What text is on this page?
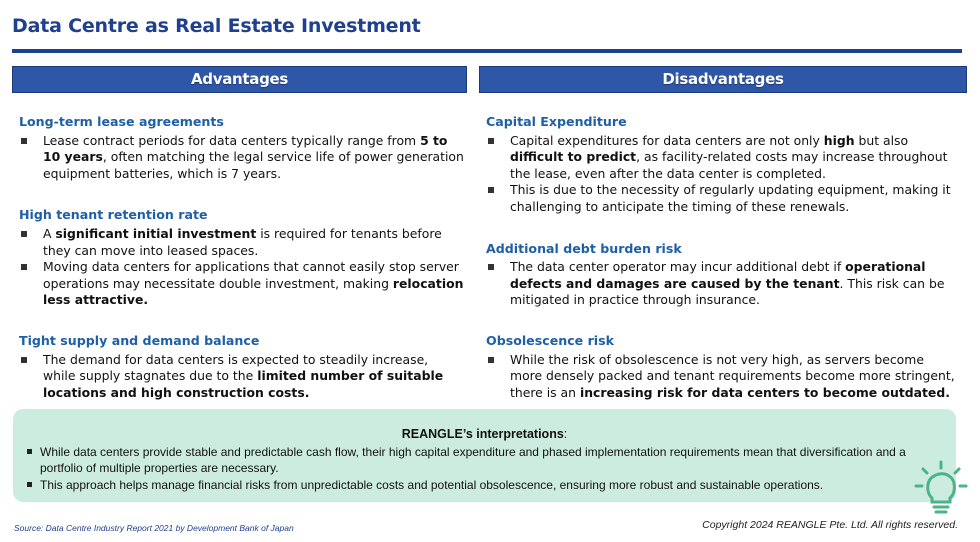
Data Centre as Real Estate Investment
Advantages	Disadvantages
Long-term lease agreements
Lease contract periods for data centers typically range from 5 to 10 years, often matching the legal service life of power generation equipment batteries, which is 7 years.
High tenant retention rate
A significant initial investment is required for tenants before they can move into leased spaces.
Moving data centers for applications that cannot easily stop server operations may necessitate double investment, making relocation less attractive.
Tight supply and demand balance
The demand for data centers is expected to steadily increase, while supply stagnates due to the limited number of suitable locations and high construction costs.
Capital Expenditure
Capital expenditures for data centers are not only high but also difficult to predict, as facility-related costs may increase throughout the lease, even after the data center is completed.
This is due to the necessity of regularly updating equipment, making it challenging to anticipate the timing of these renewals.
Additional debt burden risk
The data center operator may incur additional debt if operational defects and damages are caused by the tenant. This risk can be mitigated in practice through insurance.
Obsolescence risk
While the risk of obsolescence is not very high, as servers become more densely packed and tenant requirements become more stringent, there is an increasing risk for data centers to become outdated.
REANGLE’s interpretations:
While data centers provide stable and predictable cash flow, their high capital expenditure and phased implementation requirements mean that diversification and a portfolio of multiple properties are necessary.
This approach helps manage financial risks from unpredictable costs and potential obsolescence, ensuring more robust and sustainable operations.
Source: Data Centre Industry Report 2021 by Development Bank of Japan	Copyright 2024 REANGLE Pte. Ltd. All rights reserved.
